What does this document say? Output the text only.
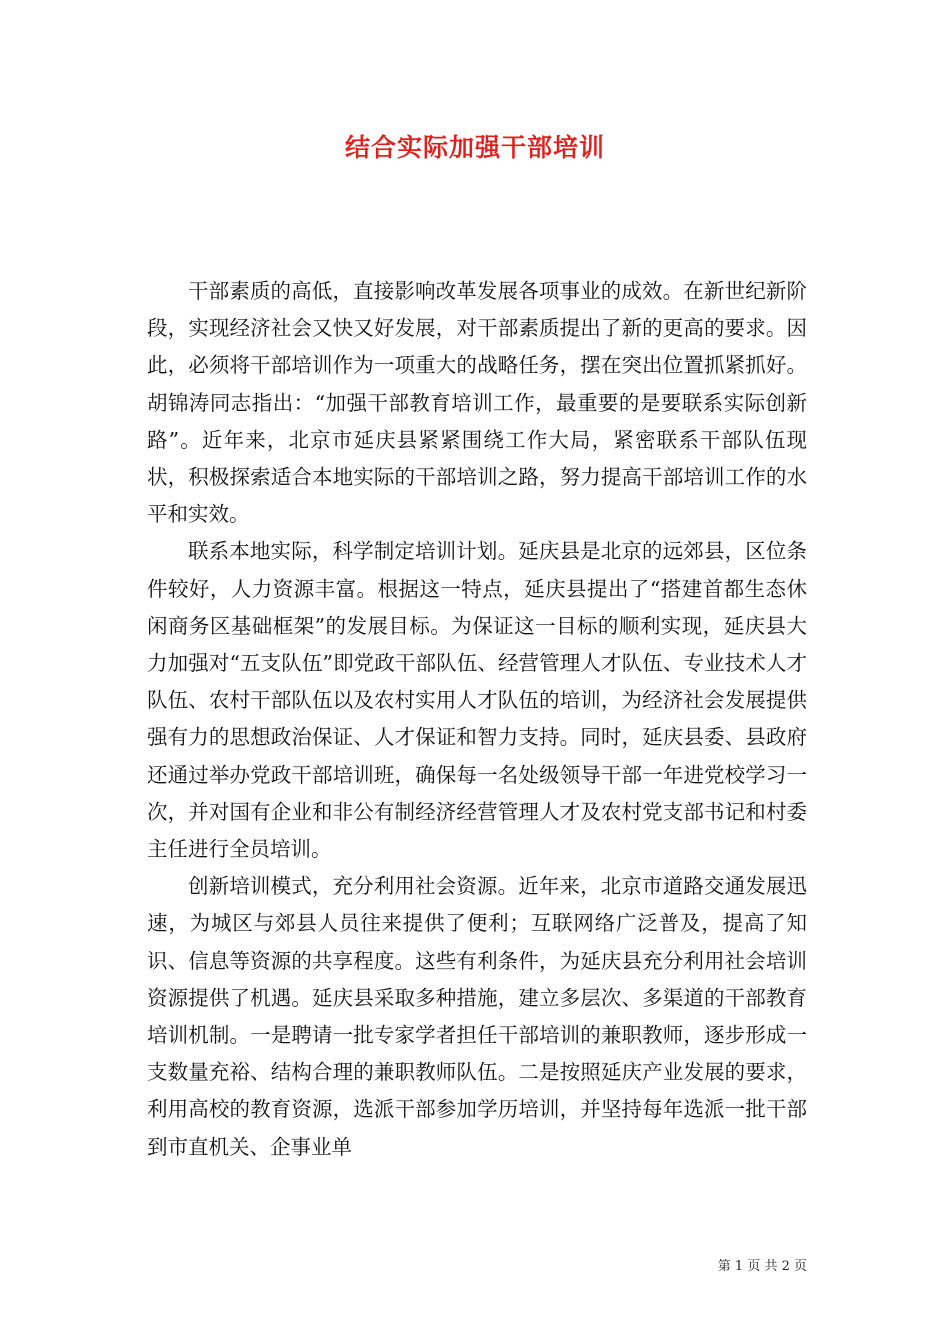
结合实际加强干部培训

干部素质的高低，直接影响改革发展各项事业的成效。在新世纪新阶段，实现经济社会又快又好发展，对干部素质提出了新的更高的要求。因此，必须将干部培训作为一项重大的战略任务，摆在突出位置抓紧抓好。胡锦涛同志指出：“加强干部教育培训工作，最重要的是要联系实际创新路”。近年来，北京市延庆县紧紧围绕工作大局，紧密联系干部队伍现状，积极探索适合本地实际的干部培训之路，努力提高干部培训工作的水平和实效。

联系本地实际，科学制定培训计划。延庆县是北京的远郊县，区位条件较好，人力资源丰富。根据这一特点，延庆县提出了“搭建首都生态休闲商务区基础框架”的发展目标。为保证这一目标的顺利实现，延庆县大力加强对“五支队伍”即党政干部队伍、经营管理人才队伍、专业技术人才队伍、农村干部队伍以及农村实用人才队伍的培训，为经济社会发展提供强有力的思想政治保证、人才保证和智力支持。同时，延庆县委、县政府还通过举办党政干部培训班，确保每一名处级领导干部一年进党校学习一次，并对国有企业和非公有制经济经营管理人才及农村党支部书记和村委主任进行全员培训。

创新培训模式，充分利用社会资源。近年来，北京市道路交通发展迅速，为城区与郊县人员往来提供了便利；互联网络广泛普及，提高了知识、信息等资源的共享程度。这些有利条件，为延庆县充分利用社会培训资源提供了机遇。延庆县采取多种措施，建立多层次、多渠道的干部教育培训机制。一是聘请一批专家学者担任干部培训的兼职教师，逐步形成一支数量充裕、结构合理的兼职教师队伍。二是按照延庆产业发展的要求，利用高校的教育资源，选派干部参加学历培训，并坚持每年选派一批干部到市直机关、企事业单

第 1 页 共 2 页
